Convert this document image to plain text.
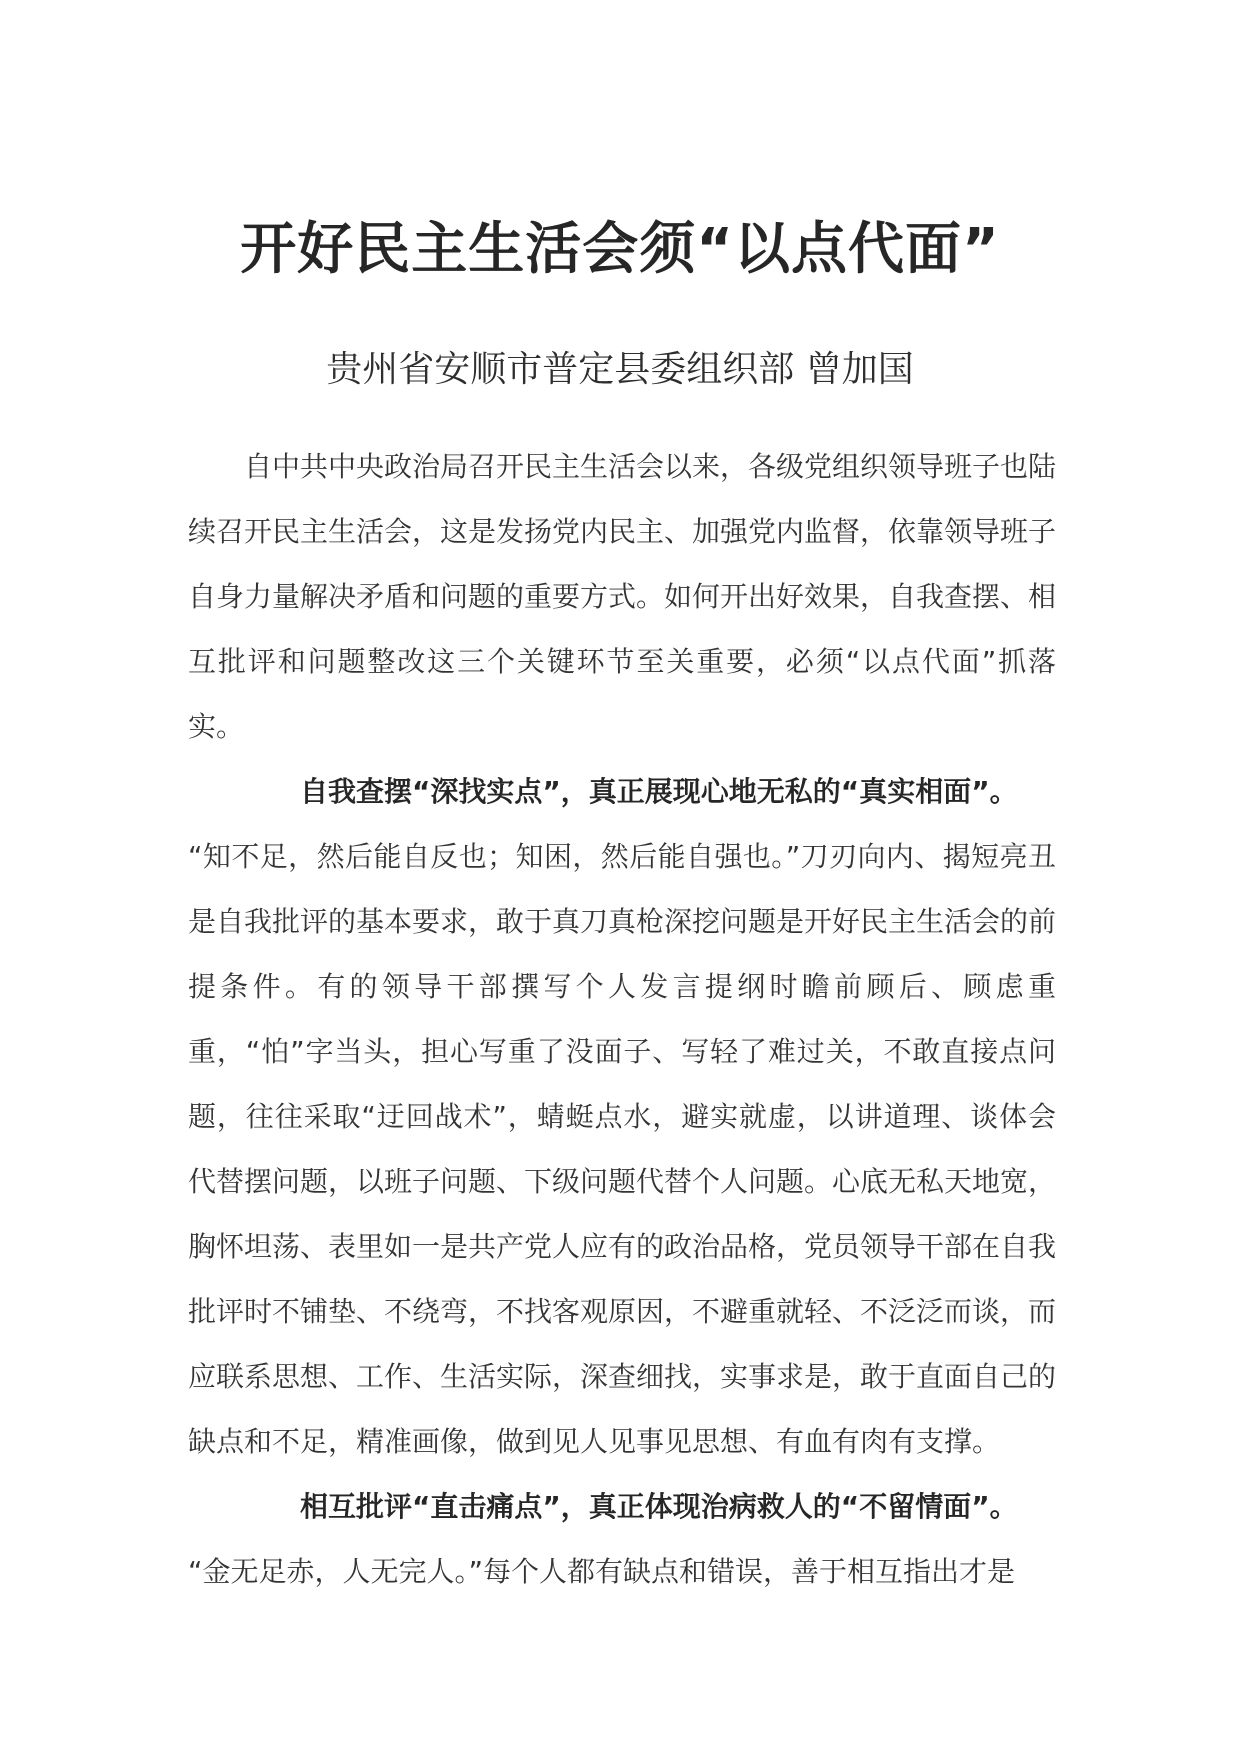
开好民主生活会须“以点代面”

贵州省安顺市普定县委组织部 曾加国

自中共中央政治局召开民主生活会以来，各级党组织领导班子也陆续召开民主生活会，这是发扬党内民主、加强党内监督，依靠领导班子自身力量解决矛盾和问题的重要方式。如何开出好效果，自我查摆、相互批评和问题整改这三个关键环节至关重要，必须“以点代面”抓落实。

自我查摆“深找实点”，真正展现心地无私的“真实相面”。

“知不足，然后能自反也；知困，然后能自强也。”刀刃向内、揭短亮丑是自我批评的基本要求，敢于真刀真枪深挖问题是开好民主生活会的前提条件。有的领导干部撰写个人发言提纲时瞻前顾后、顾虑重重，“怕”字当头，担心写重了没面子、写轻了难过关，不敢直接点问题，往往采取“迂回战术”，蜻蜓点水，避实就虚，以讲道理、谈体会代替摆问题，以班子问题、下级问题代替个人问题。心底无私天地宽，胸怀坦荡、表里如一是共产党人应有的政治品格，党员领导干部在自我批评时不铺垫、不绕弯，不找客观原因，不避重就轻、不泛泛而谈，而应联系思想、工作、生活实际，深查细找，实事求是，敢于直面自己的缺点和不足，精准画像，做到见人见事见思想、有血有肉有支撑。

相互批评“直击痛点”，真正体现治病救人的“不留情面”。

“金无足赤，人无完人。”每个人都有缺点和错误，善于相互指出才是
